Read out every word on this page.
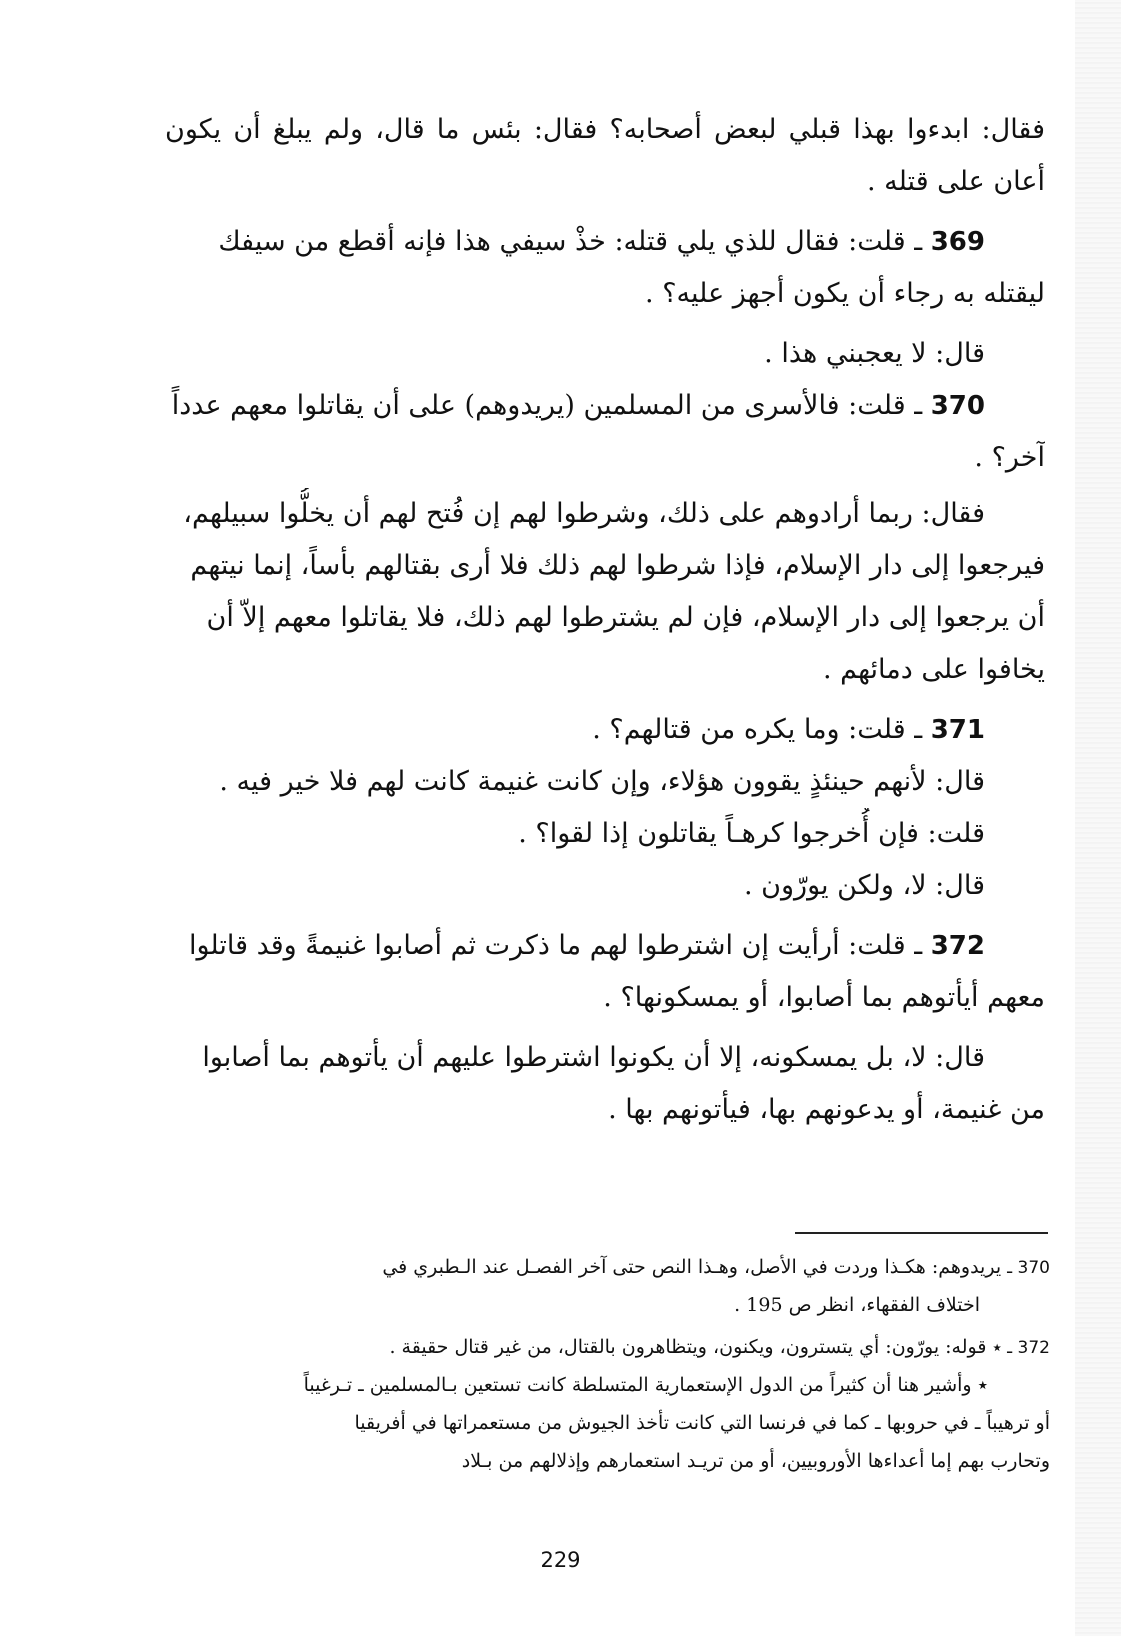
فقال: ابدءوا بهذا قبلي لبعض أصحابه؟ فقال: بئس ما قال، ولم يبلغ أن يكون
أعان على قتله .
369 ـ قلت: فقال للذي يلي قتله: خذْ سيفي هذا فإنه أقطع من سيفك
ليقتله به رجاء أن يكون أجهز عليه؟ .
قال: لا يعجبني هذا .
370 ـ قلت: فالأسرى من المسلمين (يريدوهم) على أن يقاتلوا معهم عدداً
آخر؟ .
فقال: ربما أرادوهم على ذلك، وشرطوا لهم إن فُتح لهم أن يخلُّوا سبيلهم،
فيرجعوا إلى دار الإسلام، فإذا شرطوا لهم ذلك فلا أرى بقتالهم بأساً، إنما نيتهم
أن يرجعوا إلى دار الإسلام، فإن لم يشترطوا لهم ذلك، فلا يقاتلوا معهم إلاّ أن
يخافوا على دمائهم .
371 ـ قلت: وما يكره من قتالهم؟ .
قال: لأنهم حينئذٍ يقوون هؤلاء، وإن كانت غنيمة كانت لهم فلا خير فيه .
قلت: فإن أُخرجوا كرهـاً يقاتلون إذا لقوا؟ .
قال: لا، ولكن يورّون .
372 ـ قلت: أرأيت إن اشترطوا لهم ما ذكرت ثم أصابوا غنيمةً وقد قاتلوا
معهم أيأتوهم بما أصابوا، أو يمسكونها؟ .
قال: لا، بل يمسكونه، إلا أن يكونوا اشترطوا عليهم أن يأتوهم بما أصابوا
من غنيمة، أو يدعونهم بها، فيأتونهم بها .
370 ـ يريدوهم: هكـذا وردت في الأصل، وهـذا النص حتى آخر الفصـل عند الـطبري في
اختلاف الفقهاء، انظر ص 195 .
372 ـ ٭ قوله: يورّون: أي يتسترون، ويكنون، ويتظاهرون بالقتال، من غير قتال حقيقة .
٭ وأشير هنا أن كثيراً من الدول الإستعمارية المتسلطة كانت تستعين بـالمسلمين ـ تـرغيباً
أو ترهيباً ـ في حروبها ـ كما في فرنسا التي كانت تأخذ الجيوش من مستعمراتها في أفريقيا
وتحارب بهم إما أعداءها الأوروبيين، أو من تريـد استعمارهم وإذلالهم من بـلاد
229
